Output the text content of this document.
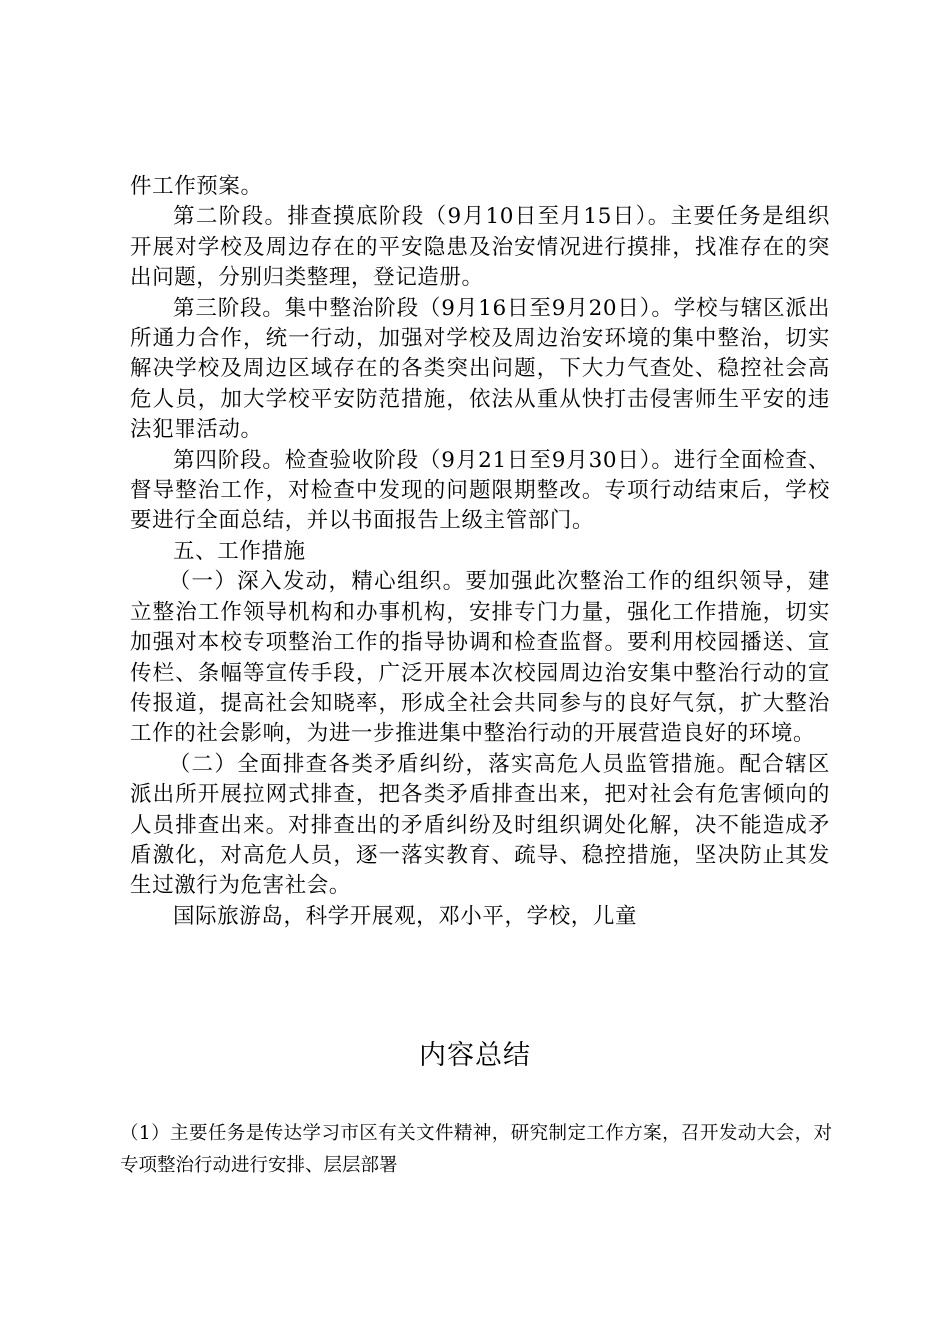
件工作预案。

第二阶段。排查摸底阶段（9月10日至月15日）。主要任务是组织开展对学校及周边存在的平安隐患及治安情况进行摸排，找准存在的突出问题，分别归类整理，登记造册。

第三阶段。集中整治阶段（9月16日至9月20日）。学校与辖区派出所通力合作，统一行动，加强对学校及周边治安环境的集中整治，切实解决学校及周边区域存在的各类突出问题，下大力气查处、稳控社会高危人员，加大学校平安防范措施，依法从重从快打击侵害师生平安的违法犯罪活动。

第四阶段。检查验收阶段（9月21日至9月30日）。进行全面检查、督导整治工作，对检查中发现的问题限期整改。专项行动结束后，学校要进行全面总结，并以书面报告上级主管部门。

五、工作措施

（一）深入发动，精心组织。要加强此次整治工作的组织领导，建立整治工作领导机构和办事机构，安排专门力量，强化工作措施，切实加强对本校专项整治工作的指导协调和检查监督。要利用校园播送、宣传栏、条幅等宣传手段，广泛开展本次校园周边治安集中整治行动的宣传报道，提高社会知晓率，形成全社会共同参与的良好气氛，扩大整治工作的社会影响，为进一步推进集中整治行动的开展营造良好的环境。

（二）全面排查各类矛盾纠纷，落实高危人员监管措施。配合辖区派出所开展拉网式排查，把各类矛盾排查出来，把对社会有危害倾向的人员排查出来。对排查出的矛盾纠纷及时组织调处化解，决不能造成矛盾激化，对高危人员，逐一落实教育、疏导、稳控措施，坚决防止其发生过激行为危害社会。

国际旅游岛，科学开展观，邓小平，学校，儿童

内容总结

（1）主要任务是传达学习市区有关文件精神，研究制定工作方案，召开发动大会，对专项整治行动进行安排、层层部署
